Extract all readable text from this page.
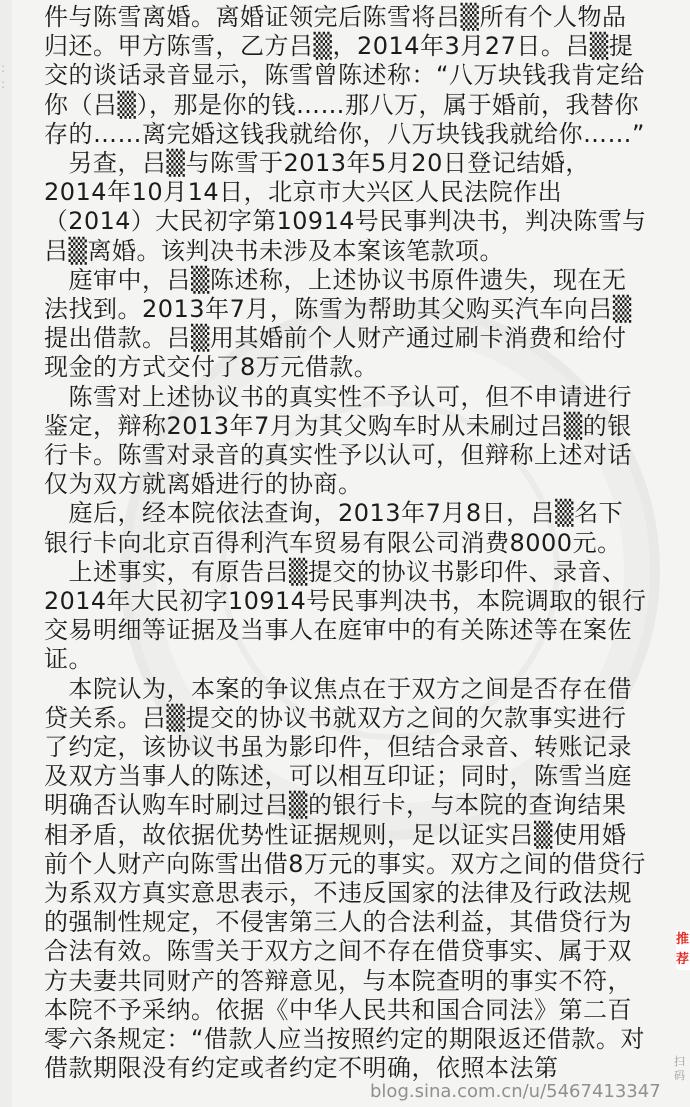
:
:
件与陈雪离婚。离婚证领完后陈雪将吕▒所有个人物品
归还。甲方陈雪，乙方吕▒，2014年3月27日。吕▒提
交的谈话录音显示，陈雪曾陈述称：“八万块钱我肯定给
你（吕▒），那是你的钱……那八万，属于婚前，我替你
存的……离完婚这钱我就给你，八万块钱我就给你……”
　另查，吕▒与陈雪于2013年5月20日登记结婚，
2014年10月14日，北京市大兴区人民法院作出
（2014）大民初字第10914号民事判决书，判决陈雪与
吕▒离婚。该判决书未涉及本案该笔款项。
　庭审中，吕▒陈述称，上述协议书原件遗失，现在无
法找到。2013年7月，陈雪为帮助其父购买汽车向吕▒
提出借款。吕▒用其婚前个人财产通过刷卡消费和给付
现金的方式交付了8万元借款。
　陈雪对上述协议书的真实性不予认可，但不申请进行
鉴定，辩称2013年7月为其父购车时从未刷过吕▒的银
行卡。陈雪对录音的真实性予以认可，但辩称上述对话
仅为双方就离婚进行的协商。
　庭后，经本院依法查询，2013年7月8日，吕▒名下
银行卡向北京百得利汽车贸易有限公司消费8000元。
　上述事实，有原告吕▒提交的协议书影印件、录音、
2014年大民初字10914号民事判决书，本院调取的银行
交易明细等证据及当事人在庭审中的有关陈述等在案佐
证。
　本院认为，本案的争议焦点在于双方之间是否存在借
贷关系。吕▒提交的协议书就双方之间的欠款事实进行
了约定，该协议书虽为影印件，但结合录音、转账记录
及双方当事人的陈述，可以相互印证；同时，陈雪当庭
明确否认购车时刷过吕▒的银行卡，与本院的查询结果
相矛盾，故依据优势性证据规则，足以证实吕▒使用婚
前个人财产向陈雪出借8万元的事实。双方之间的借贷行
为系双方真实意思表示，不违反国家的法律及行政法规
的强制性规定，不侵害第三人的合法利益，其借贷行为
合法有效。陈雪关于双方之间不存在借贷事实、属于双
方夫妻共同财产的答辩意见，与本院查明的事实不符，
本院不予采纳。依据《中华人民共和国合同法》第二百
零六条规定：“借款人应当按照约定的期限返还借款。对
借款期限没有约定或者约定不明确，依照本法第
推荐
扫码
blog.sina.com.cn/u/5467413347
